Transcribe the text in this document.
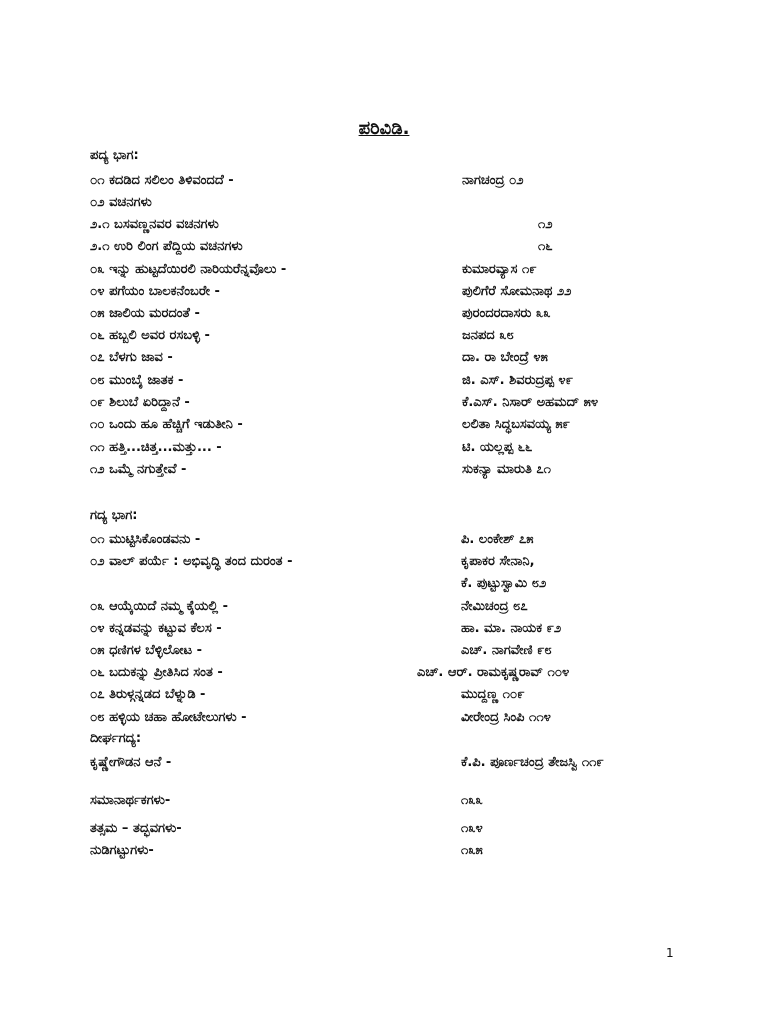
ಪರಿವಿಡಿ.
ಪದ್ಯ ಭಾಗ:
೦೧ ಕದಡಿದ ಸಲಿಲಂ ತಿಳಿವಂದದೆ -	ನಾಗಚಂದ್ರ ೦೨
೦೨ ವಚನಗಳು
೨.೧ ಬಸವಣ್ಣನವರ ವಚನಗಳು	೧೨
೨.೧ ಉರಿ ಲಿಂಗ ಪೆದ್ದಿಯ ವಚನಗಳು	೧೬
೦೩ ಇನ್ನು ಹುಟ್ಟದೆಯಿರಲಿ ನಾರಿಯರೆನ್ನವೊಲು -	ಕುಮಾರವ್ಯಾಸ ೧೯
೦೪ ಪಗೆಯಂ ಬಾಲಕನೆಂಬರೇ -	ಪುಲಿಗೆರೆ ಸೋಮನಾಥ ೨೨
೦೫ ಜಾಲಿಯ ಮರದಂತೆ -	ಪುರಂದರದಾಸರು ೩೩
೦೬ ಹಬ್ಬಲಿ ಅವರ ರಸಬಳ್ಳಿ -	ಜನಪದ ೩೮
೦೭ ಬೆಳಗು ಜಾವ -	ದಾ. ರಾ ಬೇಂದ್ರೆ ೪೫
೦೮ ಮುಂಬೈ ಜಾತಕ -	ಜಿ. ಎಸ್. ಶಿವರುದ್ರಪ್ಪ ೪೯
೦೯ ಶಿಲುಬೆ ಏರಿದ್ದಾನೆ -	ಕೆ.ಎಸ್. ನಿಸಾರ್ ಅಹಮದ್ ೫೪
೧೦ ಒಂದು ಹೂ ಹೆಚ್ಚಿಗೆ ಇಡುತೀನಿ -	ಲಲಿತಾ ಸಿದ್ಧಬಸವಯ್ಯ ೫೯
೧೧ ಹತ್ತಿ...ಚಿತ್ತ...ಮತ್ತು... -	ಟಿ. ಯಲ್ಲಪ್ಪ ೬೬
೧೨ ಒಮ್ಮೆ ನಗುತ್ತೇವೆ -	ಸುಕನ್ಯಾ ಮಾರುತಿ ೭೧
ಗದ್ಯ ಭಾಗ:
೦೧ ಮುಟ್ಟಿಸಿಕೊಂಡವನು -	ಪಿ. ಲಂಕೇಶ್ ೭೫
೦೨ ವಾಲ್ ಪರ್ಯೆ : ಅಭಿವೃದ್ಧಿ ತಂದ ದುರಂತ -	ಕೃಪಾಕರ ಸೇನಾನಿ,
ಕೆ. ಪುಟ್ಟುಸ್ವಾಮಿ ೮೨
೦೩ ಆಯ್ಕೆಯಿದೆ ನಮ್ಮ ಕೈಯಲ್ಲಿ -	ನೇಮಿಚಂದ್ರ ೮೭
೦೪ ಕನ್ನಡವನ್ನು ಕಟ್ಟುವ ಕೆಲಸ -	ಹಾ. ಮಾ. ನಾಯಕ ೯೨
೦೫ ಧಣಿಗಳ ಬೆಳ್ಳಿಲೋಟ -	ಎಚ್. ನಾಗವೇಣಿ ೯೮
೦೬ ಬದುಕನ್ನು ಪ್ರೀತಿಸಿದ ಸಂತ -	ಎಚ್. ಆರ್. ರಾಮಕೃಷ್ಣರಾವ್ ೧೦೪
೦೭ ತಿರುಳ್ಗನ್ನಡದ ಬೆಳ್ನುಡಿ -	ಮುದ್ದಣ್ಣ ೧೦೯
೦೮ ಹಳ್ಳಿಯ ಚಹಾ ಹೋಟೇಲುಗಳು -	ವೀರೇಂದ್ರ ಸಿಂಪಿ ೧೧೪
ದೀರ್ಘಗದ್ಯ:
ಕೃಷ್ಣೇಗೌಡನ ಆನೆ -	ಕೆ.ಪಿ. ಪೂರ್ಣಚಂದ್ರ ತೇಜಸ್ವಿ ೧೧೯
ಸಮಾನಾರ್ಥಕಗಳು-	೧೩೩
ತತ್ಸಮ – ತದ್ಭವಗಳು-	೧೩೪
ನುಡಿಗಟ್ಟುಗಳು-	೧೩೫
1
